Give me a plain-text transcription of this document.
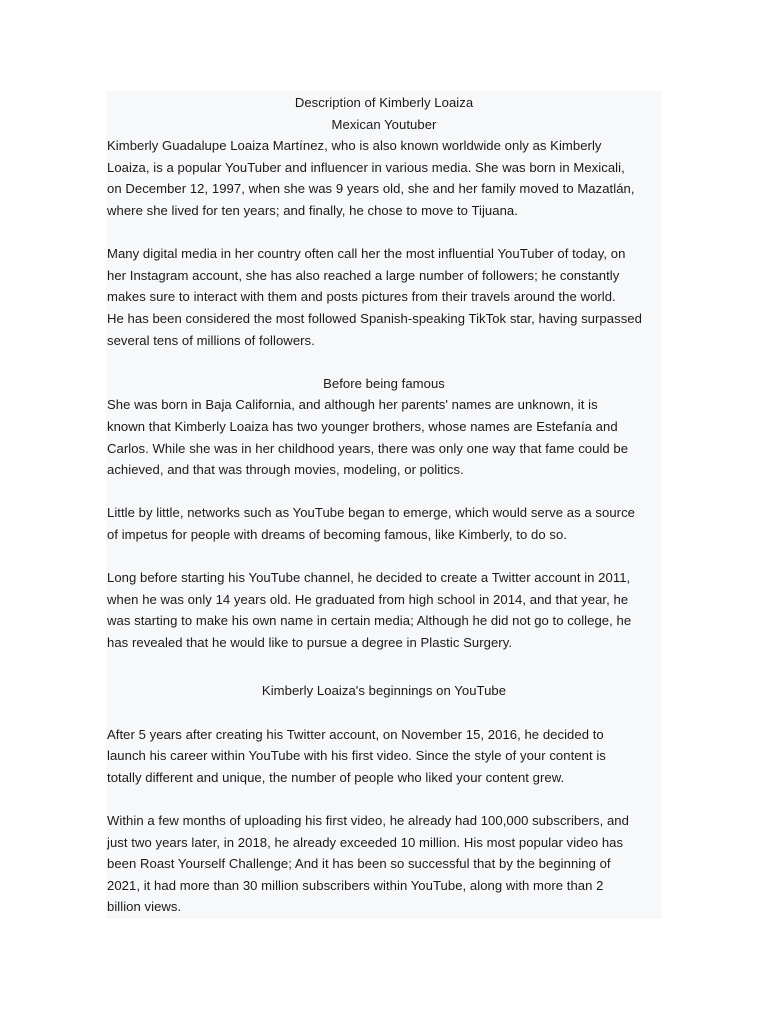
Description of Kimberly Loaiza

Mexican Youtuber

Kimberly Guadalupe Loaiza Martínez, who is also known worldwide only as Kimberly

Loaiza, is a popular YouTuber and influencer in various media. She was born in Mexicali,

on December 12, 1997, when she was 9 years old, she and her family moved to Mazatlán,

where she lived for ten years; and finally, he chose to move to Tijuana.

Many digital media in her country often call her the most influential YouTuber of today, on

her Instagram account, she has also reached a large number of followers; he constantly

makes sure to interact with them and posts pictures from their travels around the world.

He has been considered the most followed Spanish-speaking TikTok star, having surpassed

several tens of millions of followers.

Before being famous

She was born in Baja California, and although her parents' names are unknown, it is

known that Kimberly Loaiza has two younger brothers, whose names are Estefanía and

Carlos. While she was in her childhood years, there was only one way that fame could be

achieved, and that was through movies, modeling, or politics.

Little by little, networks such as YouTube began to emerge, which would serve as a source

of impetus for people with dreams of becoming famous, like Kimberly, to do so.

Long before starting his YouTube channel, he decided to create a Twitter account in 2011,

when he was only 14 years old. He graduated from high school in 2014, and that year, he

was starting to make his own name in certain media; Although he did not go to college, he

has revealed that he would like to pursue a degree in Plastic Surgery.

Kimberly Loaiza's beginnings on YouTube

After 5 years after creating his Twitter account, on November 15, 2016, he decided to

launch his career within YouTube with his first video. Since the style of your content is

totally different and unique, the number of people who liked your content grew.

Within a few months of uploading his first video, he already had 100,000 subscribers, and

just two years later, in 2018, he already exceeded 10 million. His most popular video has

been Roast Yourself Challenge; And it has been so successful that by the beginning of

2021, it had more than 30 million subscribers within YouTube, along with more than 2

billion views.
